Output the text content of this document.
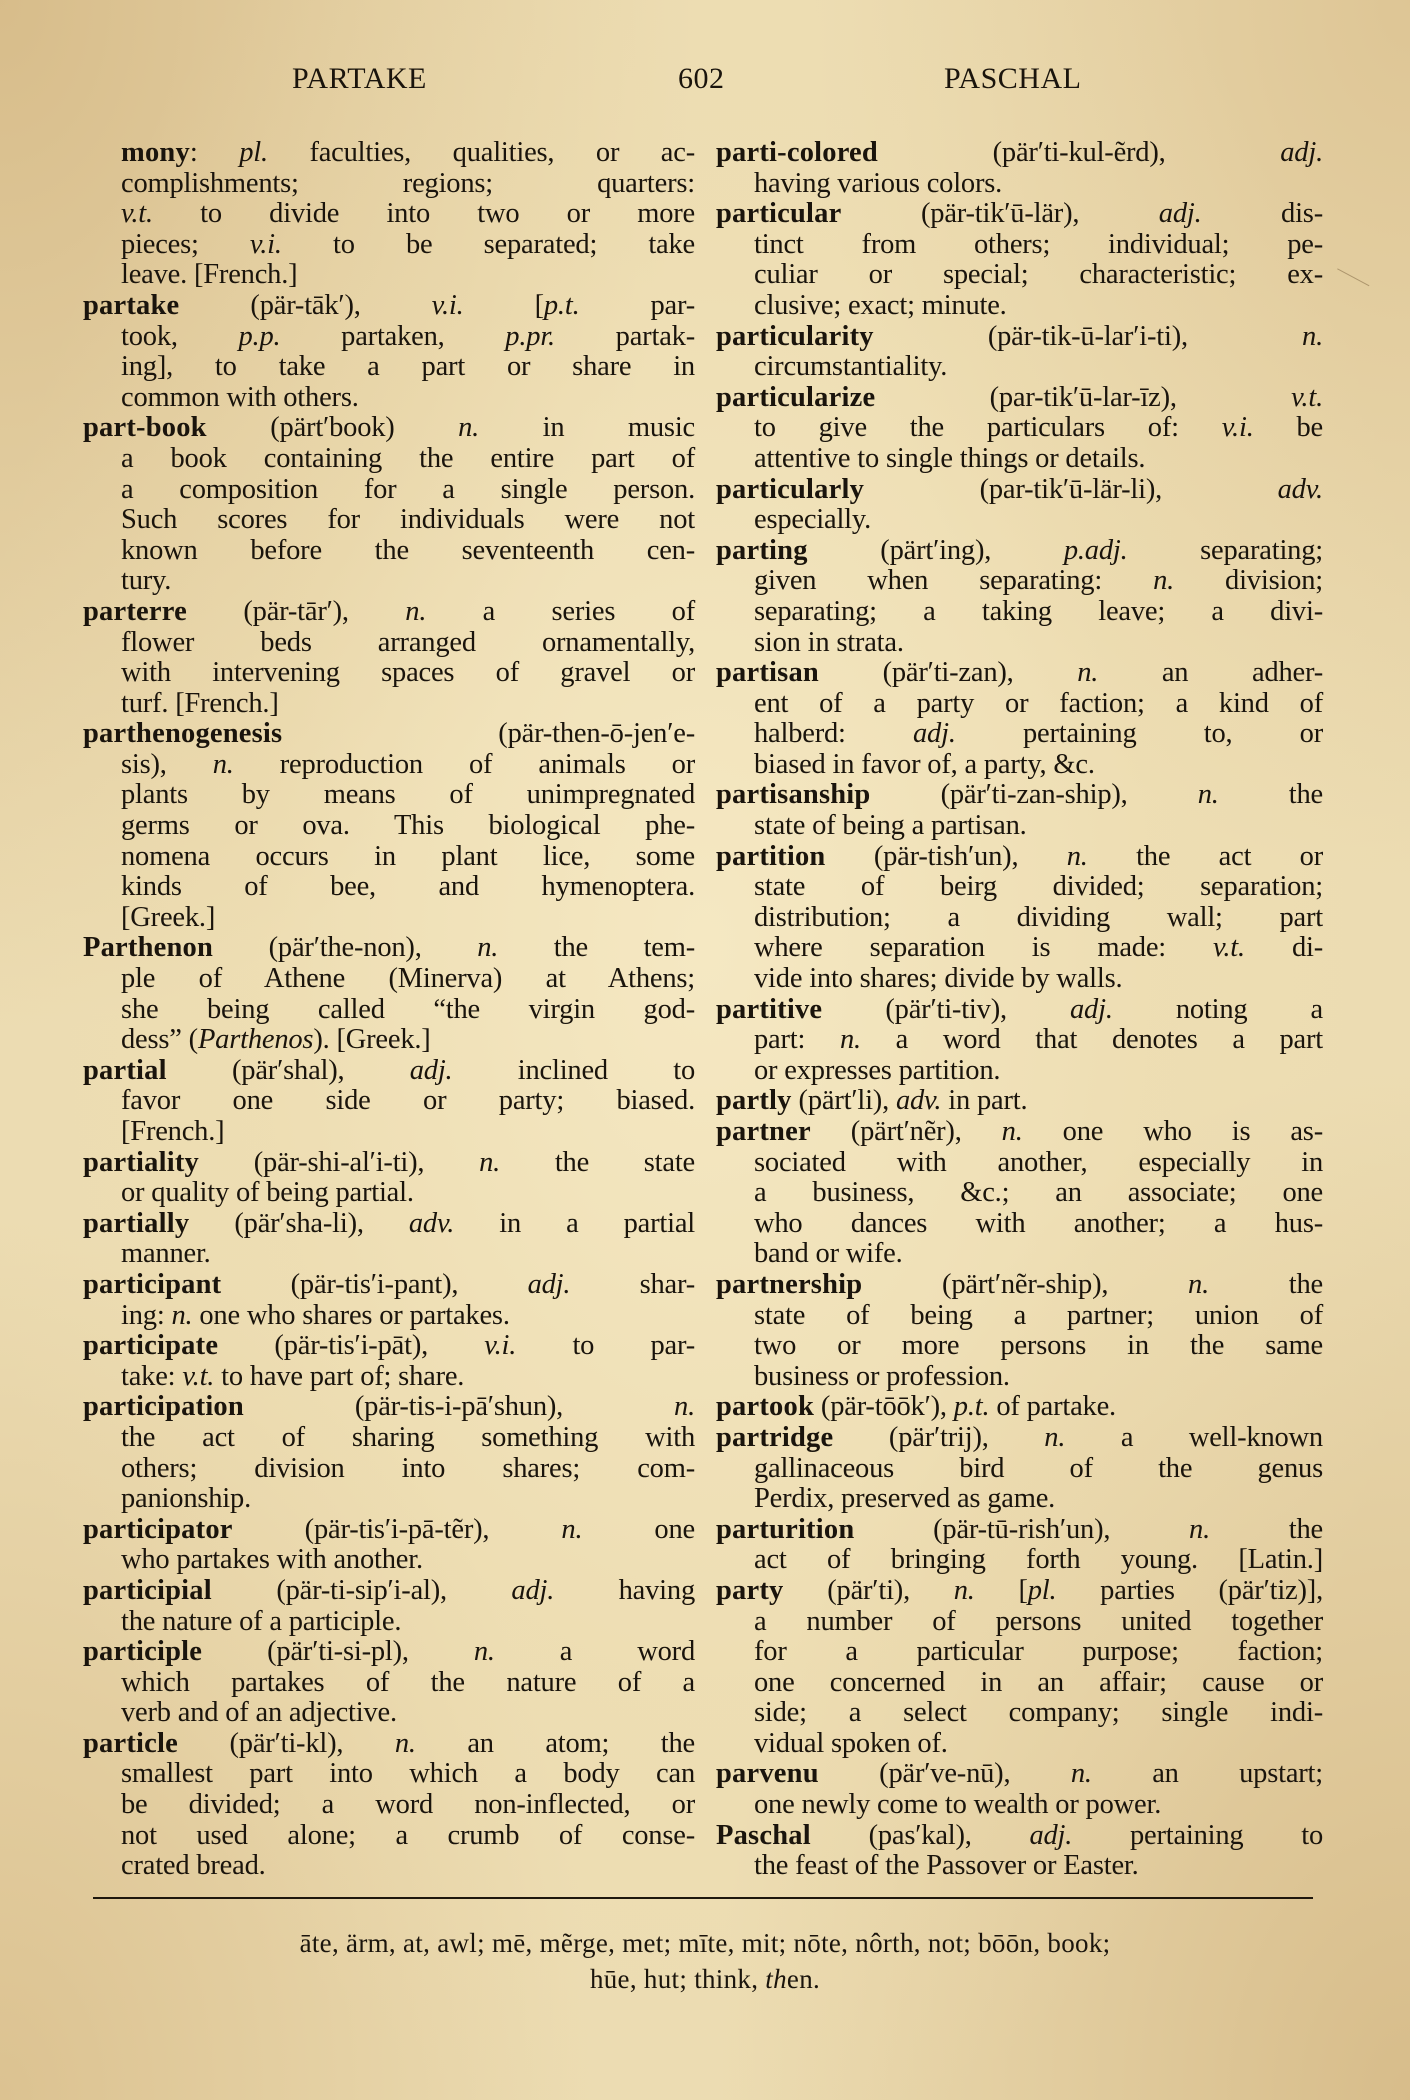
PARTAKE	602	PASCHAL
mony: pl. faculties, qualities, or ac-
complishments; regions; quarters:
v.t. to divide into two or more
pieces; v.i. to be separated; take
leave. [French.]
partake (pär-tāk′), v.i. [p.t. par-
took, p.p. partaken, p.pr. partak-
ing], to take a part or share in
common with others.
part-book (pärt′book) n. in music
a book containing the entire part of
a composition for a single person.
Such scores for individuals were not
known before the seventeenth cen-
tury.
parterre (pär-tār′), n. a series of
flower beds arranged ornamentally,
with intervening spaces of gravel or
turf. [French.]
parthenogenesis (pär-then-ō-jen′e-
sis), n. reproduction of animals or
plants by means of unimpregnated
germs or ova. This biological phe-
nomena occurs in plant lice, some
kinds of bee, and hymenoptera.
[Greek.]
Parthenon (pär′the-non), n. the tem-
ple of Athene (Minerva) at Athens;
she being called “the virgin god-
dess” (Parthenos). [Greek.]
partial (pär′shal), adj. inclined to
favor one side or party; biased.
[French.]
partiality (pär-shi-al′i-ti), n. the state
or quality of being partial.
partially (pär′sha-li), adv. in a partial
manner.
participant (pär-tis′i-pant), adj. shar-
ing: n. one who shares or partakes.
participate (pär-tis′i-pāt), v.i. to par-
take: v.t. to have part of; share.
participation (pär-tis-i-pā′shun), n.
the act of sharing something with
others; division into shares; com-
panionship.
participator (pär-tis′i-pā-tẽr), n. one
who partakes with another.
participial (pär-ti-sip′i-al), adj. having
the nature of a participle.
participle (pär′ti-si-pl), n. a word
which partakes of the nature of a
verb and of an adjective.
particle (pär′ti-kl), n. an atom; the
smallest part into which a body can
be divided; a word non-inflected, or
not used alone; a crumb of conse-
crated bread.
parti-colored (pär′ti-kul-ẽrd), adj.
having various colors.
particular (pär-tik′ū-lär), adj. dis-
tinct from others; individual; pe-
culiar or special; characteristic; ex-
clusive; exact; minute.
particularity (pär-tik-ū-lar′i-ti), n.
circumstantiality.
particularize (par-tik′ū-lar-īz), v.t.
to give the particulars of: v.i. be
attentive to single things or details.
particularly (par-tik′ū-lär-li), adv.
especially.
parting (pärt′ing), p.adj. separating;
given when separating: n. division;
separating; a taking leave; a divi-
sion in strata.
partisan (pär′ti-zan), n. an adher-
ent of a party or faction; a kind of
halberd: adj. pertaining to, or
biased in favor of, a party, &c.
partisanship (pär′ti-zan-ship), n. the
state of being a partisan.
partition (pär-tish′un), n. the act or
state of beirg divided; separation;
distribution; a dividing wall; part
where separation is made: v.t. di-
vide into shares; divide by walls.
partitive (pär′ti-tiv), adj. noting a
part: n. a word that denotes a part
or expresses partition.
partly (pärt′li), adv. in part.
partner (pärt′nẽr), n. one who is as-
sociated with another, especially in
a business, &c.; an associate; one
who dances with another; a hus-
band or wife.
partnership (pärt′nẽr-ship), n. the
state of being a partner; union of
two or more persons in the same
business or profession.
partook (pär-tōōk′), p.t. of partake.
partridge (pär′trij), n. a well-known
gallinaceous bird of the genus
Perdix, preserved as game.
parturition (pär-tū-rish′un), n. the
act of bringing forth young. [Latin.]
party (pär′ti), n. [pl. parties (pär′tiz)],
a number of persons united together
for a particular purpose; faction;
one concerned in an affair; cause or
side; a select company; single indi-
vidual spoken of.
parvenu (pär′ve-nū), n. an upstart;
one newly come to wealth or power.
Paschal (pas′kal), adj. pertaining to
the feast of the Passover or Easter.
āte, ärm, at, awl; mē, mẽrge, met; mīte, mit; nōte, nôrth, not; bōōn, book;
hūe, hut; think, then.
